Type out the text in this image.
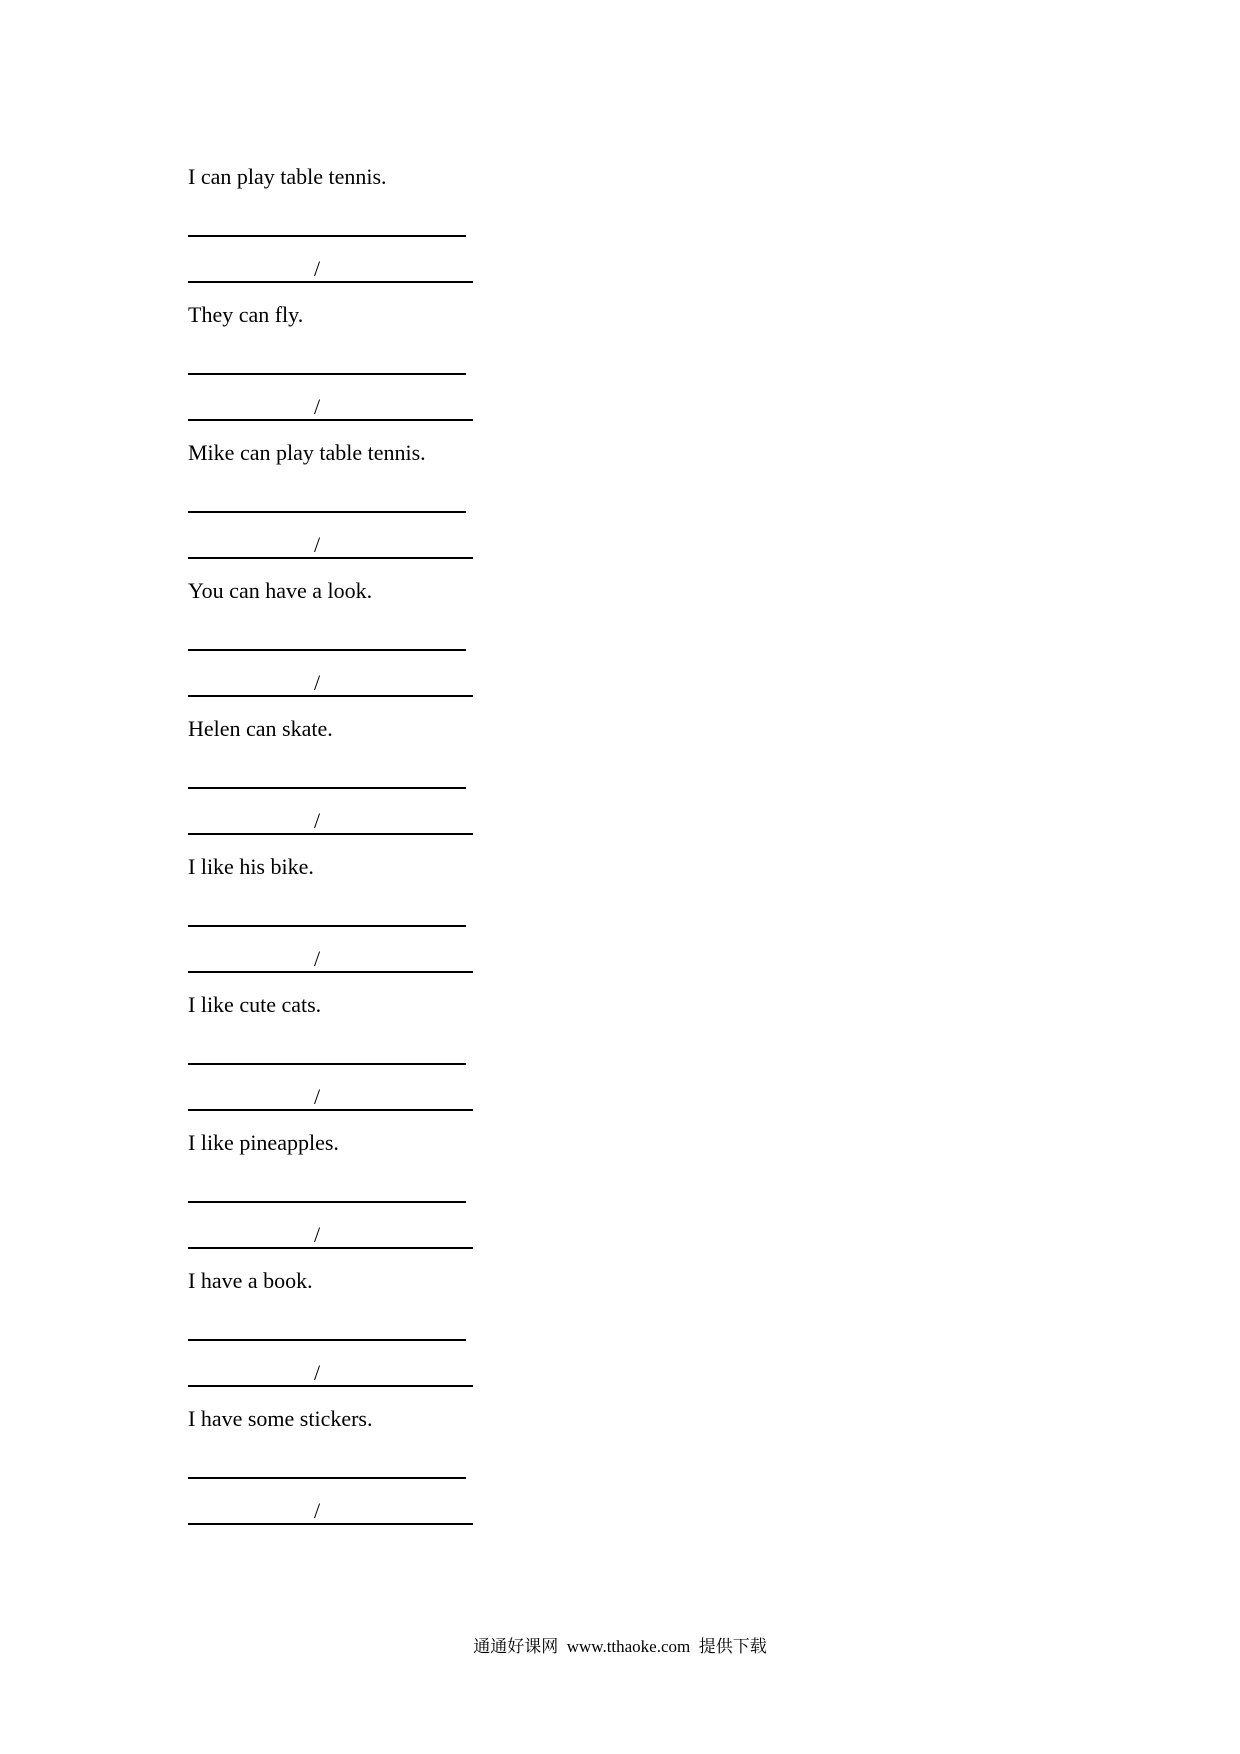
I can play table tennis.

/

They can fly.

/

Mike can play table tennis.

/

You can have a look.

/

Helen can skate.

/

I like his bike.

/

I like cute cats.

/

I like pineapples.

/

I have a book.

/

I have some stickers.

/
通通好课网  www.tthaoke.com  提供下载
